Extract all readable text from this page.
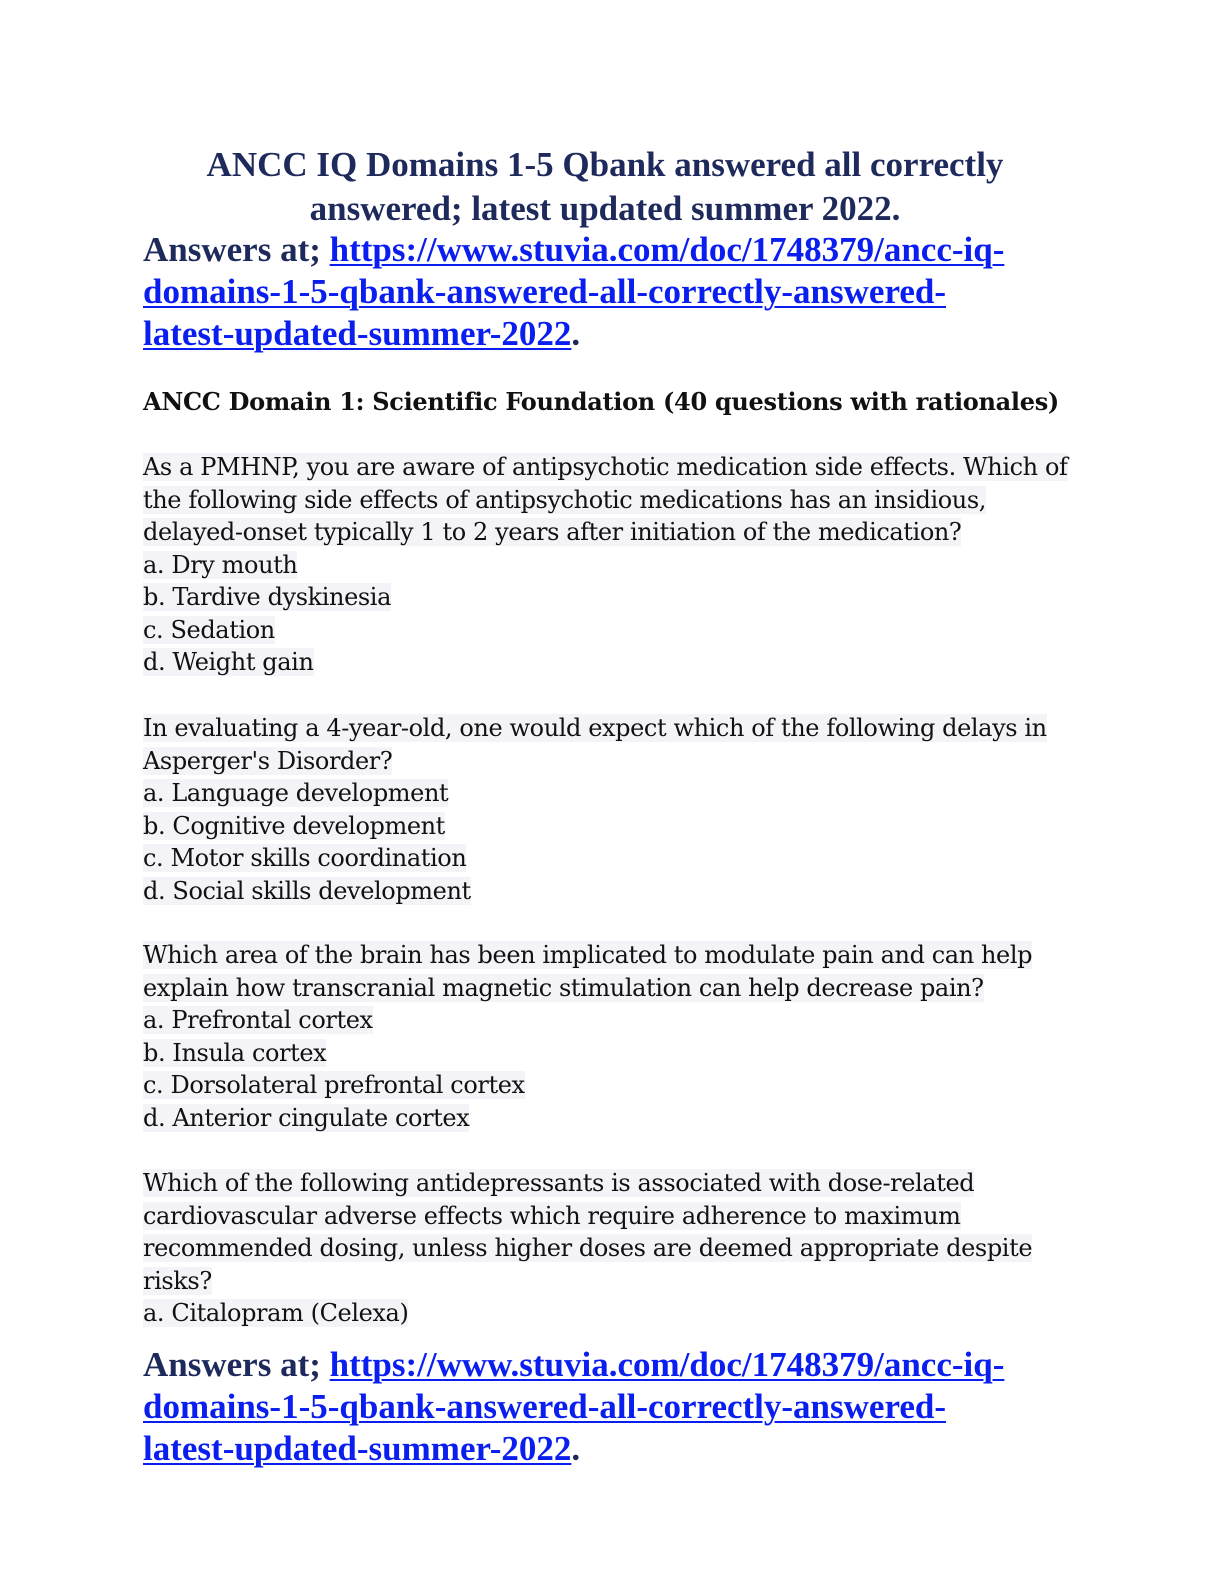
ANCC IQ Domains 1-5 Qbank answered all correctly
answered; latest updated summer 2022.
Answers at; https://www.stuvia.com/doc/1748379/ancc-iq-
domains-1-5-qbank-answered-all-correctly-answered-
latest-updated-summer-2022.
ANCC Domain 1: Scientific Foundation (40 questions with rationales)
As a PMHNP, you are aware of antipsychotic medication side effects. Which of
the following side effects of antipsychotic medications has an insidious,
delayed-onset typically 1 to 2 years after initiation of the medication?
a. Dry mouth
b. Tardive dyskinesia
c. Sedation
d. Weight gain
In evaluating a 4-year-old, one would expect which of the following delays in
Asperger's Disorder?
a. Language development
b. Cognitive development
c. Motor skills coordination
d. Social skills development
Which area of the brain has been implicated to modulate pain and can help
explain how transcranial magnetic stimulation can help decrease pain?
a. Prefrontal cortex
b. Insula cortex
c. Dorsolateral prefrontal cortex
d. Anterior cingulate cortex
Which of the following antidepressants is associated with dose-related
cardiovascular adverse effects which require adherence to maximum
recommended dosing, unless higher doses are deemed appropriate despite
risks?
a. Citalopram (Celexa)
Answers at; https://www.stuvia.com/doc/1748379/ancc-iq-
domains-1-5-qbank-answered-all-correctly-answered-
latest-updated-summer-2022.
